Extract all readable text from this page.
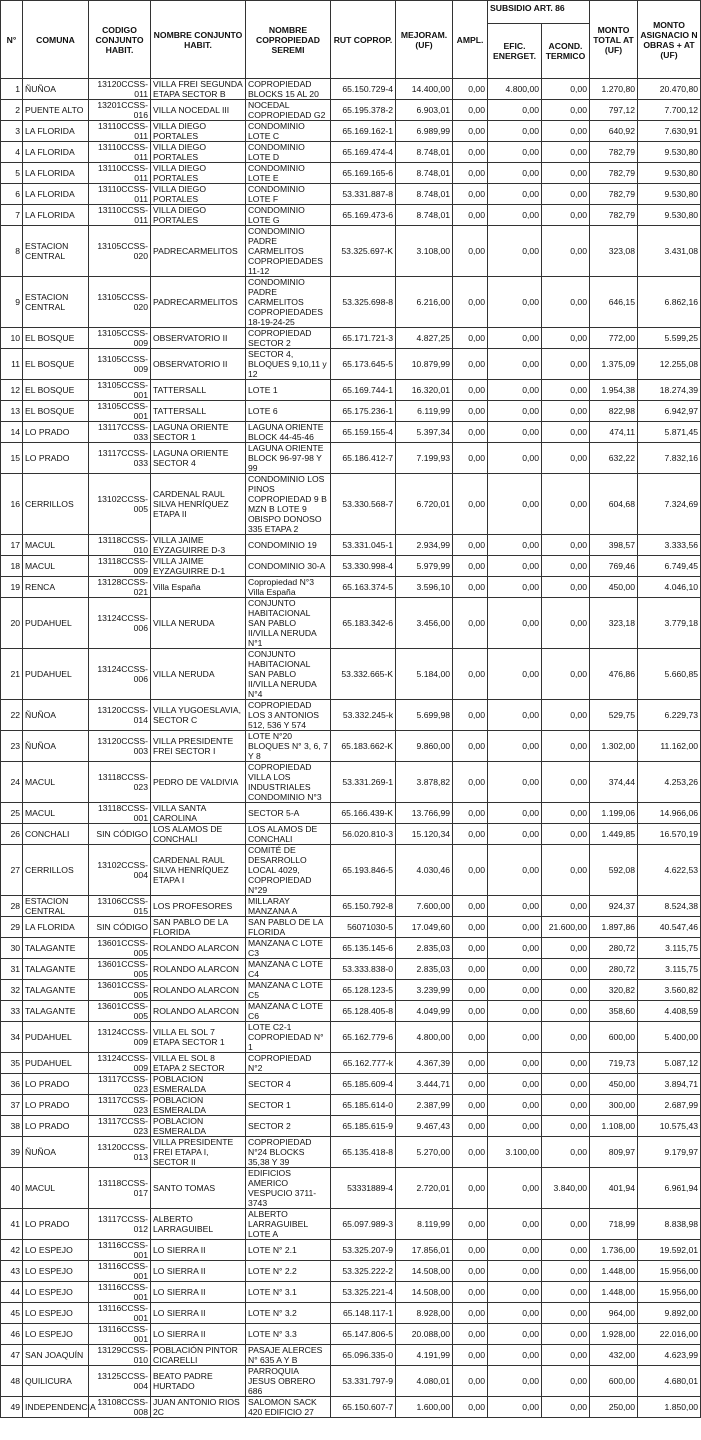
N°	COMUNA	CODIGO CONJUNTO HABIT.	NOMBRE CONJUNTO HABIT.	NOMBRE COPROPIEDAD SEREMI	RUT COPROP.	MEJORAM. (UF)	AMPL.	SUBSIDIO ART. 86		MONTO TOTAL AT (UF)	MONTO ASIGNACIO N OBRAS + AT (UF)
								EFIC. ENERGET.	ACOND. TERMICO		
1	ÑUÑOA	13120CCSS-011	VILLA FREI SEGUNDA ETAPA SECTOR B	COPROPIEDAD BLOCKS 15 AL 20	65.150.729-4	14.400,00	0,00	4.800,00	0,00	1.270,80	20.470,80
2	PUENTE ALTO	13201CCSS-016	VILLA NOCEDAL III	NOCEDAL COPROPIEDAD G2	65.195.378-2	6.903,01	0,00	0,00	0,00	797,12	7.700,12
3	LA FLORIDA	13110CCSS-011	VILLA DIEGO PORTALES	CONDOMINIO LOTE C	65.169.162-1	6.989,99	0,00	0,00	0,00	640,92	7.630,91
4	LA FLORIDA	13110CCSS-011	VILLA DIEGO PORTALES	CONDOMINIO LOTE D	65.169.474-4	8.748,01	0,00	0,00	0,00	782,79	9.530,80
5	LA FLORIDA	13110CCSS-011	VILLA DIEGO PORTALES	CONDOMINIO LOTE E	65.169.165-6	8.748,01	0,00	0,00	0,00	782,79	9.530,80
6	LA FLORIDA	13110CCSS-011	VILLA DIEGO PORTALES	CONDOMINIO LOTE F	53.331.887-8	8.748,01	0,00	0,00	0,00	782,79	9.530,80
7	LA FLORIDA	13110CCSS-011	VILLA DIEGO PORTALES	CONDOMINIO LOTE G	65.169.473-6	8.748,01	0,00	0,00	0,00	782,79	9.530,80
8	ESTACION CENTRAL	13105CCSS-020	PADRECARMELITOS	CONDOMINIO PADRE CARMELITOS COPROPIEDADES 11-12	53.325.697-K	3.108,00	0,00	0,00	0,00	323,08	3.431,08
9	ESTACION CENTRAL	13105CCSS-020	PADRECARMELITOS	CONDOMINIO PADRE CARMELITOS COPROPIEDADES 18-19-24-25	53.325.698-8	6.216,00	0,00	0,00	0,00	646,15	6.862,16
10	EL BOSQUE	13105CCSS-009	OBSERVATORIO II	COPROPIEDAD SECTOR 2	65.171.721-3	4.827,25	0,00	0,00	0,00	772,00	5.599,25
11	EL BOSQUE	13105CCSS-009	OBSERVATORIO II	SECTOR 4, BLOQUES 9,10,11 y 12	65.173.645-5	10.879,99	0,00	0,00	0,00	1.375,09	12.255,08
12	EL BOSQUE	13105CCSS-001	TATTERSALL	LOTE 1	65.169.744-1	16.320,01	0,00	0,00	0,00	1.954,38	18.274,39
13	EL BOSQUE	13105CCSS-001	TATTERSALL	LOTE 6	65.175.236-1	6.119,99	0,00	0,00	0,00	822,98	6.942,97
14	LO PRADO	13117CCSS-033	LAGUNA ORIENTE SECTOR 1	LAGUNA ORIENTE BLOCK 44-45-46	65.159.155-4	5.397,34	0,00	0,00	0,00	474,11	5.871,45
15	LO PRADO	13117CCSS-033	LAGUNA ORIENTE SECTOR 4	LAGUNA ORIENTE BLOCK 96-97-98 Y 99	65.186.412-7	7.199,93	0,00	0,00	0,00	632,22	7.832,16
16	CERRILLOS	13102CCSS-005	CARDENAL RAUL SILVA HENRÍQUEZ ETAPA II	CONDOMINIO LOS PINOS COPROPIEDAD 9 B MZN B LOTE 9 OBISPO DONOSO 335 ETAPA 2	53.330.568-7	6.720,01	0,00	0,00	0,00	604,68	7.324,69
17	MACUL	13118CCSS-010	VILLA JAIME EYZAGUIRRE D-3	CONDOMINIO 19	53.331.045-1	2.934,99	0,00	0,00	0,00	398,57	3.333,56
18	MACUL	13118CCSS-009	VILLA JAIME EYZAGUIRRE D-1	CONDOMINIO 30-A	53.330.998-4	5.979,99	0,00	0,00	0,00	769,46	6.749,45
19	RENCA	13128CCSS-021	Villa España	Copropiedad N°3 Villa España	65.163.374-5	3.596,10	0,00	0,00	0,00	450,00	4.046,10
20	PUDAHUEL	13124CCSS-006	VILLA NERUDA	CONJUNTO HABITACIONAL SAN PABLO II/VILLA NERUDA N°1	65.183.342-6	3.456,00	0,00	0,00	0,00	323,18	3.779,18
21	PUDAHUEL	13124CCSS-006	VILLA NERUDA	CONJUNTO HABITACIONAL SAN PABLO II/VILLA NERUDA N°4	53.332.665-K	5.184,00	0,00	0,00	0,00	476,86	5.660,85
22	ÑUÑOA	13120CCSS-014	VILLA YUGOESLAVIA, SECTOR C	COPROPIEDAD LOS 3 ANTONIOS 512, 536 Y 574	53.332.245-k	5.699,98	0,00	0,00	0,00	529,75	6.229,73
23	ÑUÑOA	13120CCSS-003	VILLA PRESIDENTE FREI SECTOR I	LOTE N°20 BLOQUES N° 3, 6, 7 Y 8	65.183.662-K	9.860,00	0,00	0,00	0,00	1.302,00	11.162,00
24	MACUL	13118CCSS-023	PEDRO DE VALDIVIA	COPROPIEDAD VILLA LOS INDUSTRIALES CONDOMINIO N°3	53.331.269-1	3.878,82	0,00	0,00	0,00	374,44	4.253,26
25	MACUL	13118CCSS-001	VILLA SANTA CAROLINA	SECTOR 5-A	65.166.439-K	13.766,99	0,00	0,00	0,00	1.199,06	14.966,06
26	CONCHALI	SIN CÓDIGO	LOS ALAMOS DE CONCHALI	LOS ALAMOS DE CONCHALI	56.020.810-3	15.120,34	0,00	0,00	0,00	1.449,85	16.570,19
27	CERRILLOS	13102CCSS-004	CARDENAL RAUL SILVA HENRÍQUEZ ETAPA I	COMITÉ DE DESARROLLO LOCAL 4029, COPROPIEDAD N°29	65.193.846-5	4.030,46	0,00	0,00	0,00	592,08	4.622,53
28	ESTACION CENTRAL	13106CCSS-015	LOS PROFESORES	MILLARAY MANZANA A	65.150.792-8	7.600,00	0,00	0,00	0,00	924,37	8.524,38
29	LA FLORIDA	SIN CÓDIGO	SAN PABLO DE LA FLORIDA	SAN PABLO DE LA FLORIDA	56071030-5	17.049,60	0,00	0,00	21.600,00	1.897,86	40.547,46
30	TALAGANTE	13601CCSS-005	ROLANDO ALARCON	MANZANA C LOTE C3	65.135.145-6	2.835,03	0,00	0,00	0,00	280,72	3.115,75
31	TALAGANTE	13601CCSS-005	ROLANDO ALARCON	MANZANA C LOTE C4	53.333.838-0	2.835,03	0,00	0,00	0,00	280,72	3.115,75
32	TALAGANTE	13601CCSS-005	ROLANDO ALARCON	MANZANA C LOTE C5	65.128.123-5	3.239,99	0,00	0,00	0,00	320,82	3.560,82
33	TALAGANTE	13601CCSS-005	ROLANDO ALARCON	MANZANA C LOTE C6	65.128.405-8	4.049,99	0,00	0,00	0,00	358,60	4.408,59
34	PUDAHUEL	13124CCSS-009	VILLA EL SOL 7 ETAPA SECTOR 1	LOTE C2-1 COPROPIEDAD N° 1	65.162.779-6	4.800,00	0,00	0,00	0,00	600,00	5.400,00
35	PUDAHUEL	13124CCSS-009	VILLA EL SOL 8 ETAPA 2 SECTOR	COPROPIEDAD N°2	65.162.777-k	4.367,39	0,00	0,00	0,00	719,73	5.087,12
36	LO PRADO	13117CCSS-023	POBLACION ESMERALDA	SECTOR 4	65.185.609-4	3.444,71	0,00	0,00	0,00	450,00	3.894,71
37	LO PRADO	13117CCSS-023	POBLACION ESMERALDA	SECTOR 1	65.185.614-0	2.387,99	0,00	0,00	0,00	300,00	2.687,99
38	LO PRADO	13117CCSS-023	POBLACION ESMERALDA	SECTOR 2	65.185.615-9	9.467,43	0,00	0,00	0,00	1.108,00	10.575,43
39	ÑUÑOA	13120CCSS-013	VILLA PRESIDENTE FREI ETAPA I, SECTOR II	COPROPIEDAD N°24 BLOCKS 35,38 Y 39	65.135.418-8	5.270,00	0,00	3.100,00	0,00	809,97	9.179,97
40	MACUL	13118CCSS-017	SANTO TOMAS	EDIFICIOS AMERICO VESPUCIO 3711-3743	53331889-4	2.720,01	0,00	0,00	3.840,00	401,94	6.961,94
41	LO PRADO	13117CCSS-012	ALBERTO LARRAGUIBEL	ALBERTO LARRAGUIBEL LOTE A	65.097.989-3	8.119,99	0,00	0,00	0,00	718,99	8.838,98
42	LO ESPEJO	13116CCSS-001	LO SIERRA II	LOTE N° 2.1	53.325.207-9	17.856,01	0,00	0,00	0,00	1.736,00	19.592,01
43	LO ESPEJO	13116CCSS-001	LO SIERRA II	LOTE N° 2.2	53.325.222-2	14.508,00	0,00	0,00	0,00	1.448,00	15.956,00
44	LO ESPEJO	13116CCSS-001	LO SIERRA II	LOTE N° 3.1	53.325.221-4	14.508,00	0,00	0,00	0,00	1.448,00	15.956,00
45	LO ESPEJO	13116CCSS-001	LO SIERRA II	LOTE N° 3.2	65.148.117-1	8.928,00	0,00	0,00	0,00	964,00	9.892,00
46	LO ESPEJO	13116CCSS-001	LO SIERRA II	LOTE N° 3.3	65.147.806-5	20.088,00	0,00	0,00	0,00	1.928,00	22.016,00
47	SAN JOAQUÍN	13129CCSS-010	POBLACIÓN PINTOR CICARELLI	PASAJE ALERCES N° 635 A Y B	65.096.335-0	4.191,99	0,00	0,00	0,00	432,00	4.623,99
48	QUILICURA	13125CCSS-004	BEATO PADRE HURTADO	PARROQUIA JESUS OBRERO 686	53.331.797-9	4.080,01	0,00	0,00	0,00	600,00	4.680,01
49	INDEPENDENCIA	13108CCSS-008	JUAN ANTONIO RIOS 2C	SALOMON SACK 420 EDIFICIO 27	65.150.607-7	1.600,00	0,00	0,00	0,00	250,00	1.850,00
